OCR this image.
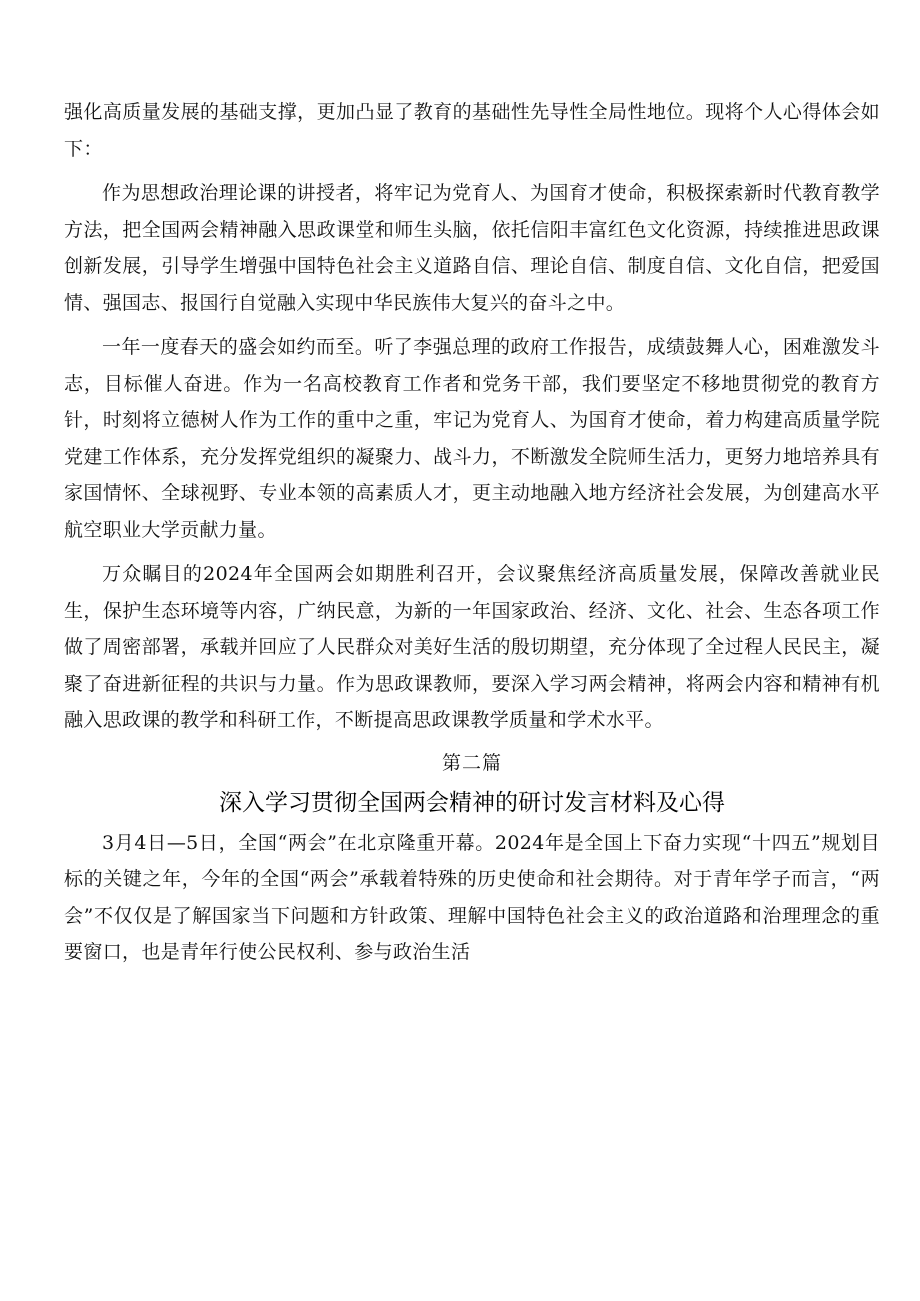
强化高质量发展的基础支撑，更加凸显了教育的基础性先导性全局性地位。现将个人心得体会如下：

作为思想政治理论课的讲授者，将牢记为党育人、为国育才使命，积极探索新时代教育教学方法，把全国两会精神融入思政课堂和师生头脑，依托信阳丰富红色文化资源，持续推进思政课创新发展，引导学生增强中国特色社会主义道路自信、理论自信、制度自信、文化自信，把爱国情、强国志、报国行自觉融入实现中华民族伟大复兴的奋斗之中。

一年一度春天的盛会如约而至。听了李强总理的政府工作报告，成绩鼓舞人心，困难激发斗志，目标催人奋进。作为一名高校教育工作者和党务干部，我们要坚定不移地贯彻党的教育方针，时刻将立德树人作为工作的重中之重，牢记为党育人、为国育才使命，着力构建高质量学院党建工作体系，充分发挥党组织的凝聚力、战斗力，不断激发全院师生活力，更努力地培养具有家国情怀、全球视野、专业本领的高素质人才，更主动地融入地方经济社会发展，为创建高水平航空职业大学贡献力量。

万众瞩目的2024年全国两会如期胜利召开，会议聚焦经济高质量发展，保障改善就业民生，保护生态环境等内容，广纳民意，为新的一年国家政治、经济、文化、社会、生态各项工作做了周密部署，承载并回应了人民群众对美好生活的殷切期望，充分体现了全过程人民民主，凝聚了奋进新征程的共识与力量。作为思政课教师，要深入学习两会精神，将两会内容和精神有机融入思政课的教学和科研工作，不断提高思政课教学质量和学术水平。

第二篇
深入学习贯彻全国两会精神的研讨发言材料及心得

3月4日—5日，全国“两会”在北京隆重开幕。2024年是全国上下奋力实现“十四五”规划目标的关键之年，今年的全国“两会”承载着特殊的历史使命和社会期待。对于青年学子而言，“两会”不仅仅是了解国家当下问题和方针政策、理解中国特色社会主义的政治道路和治理理念的重要窗口，也是青年行使公民权利、参与政治生活
